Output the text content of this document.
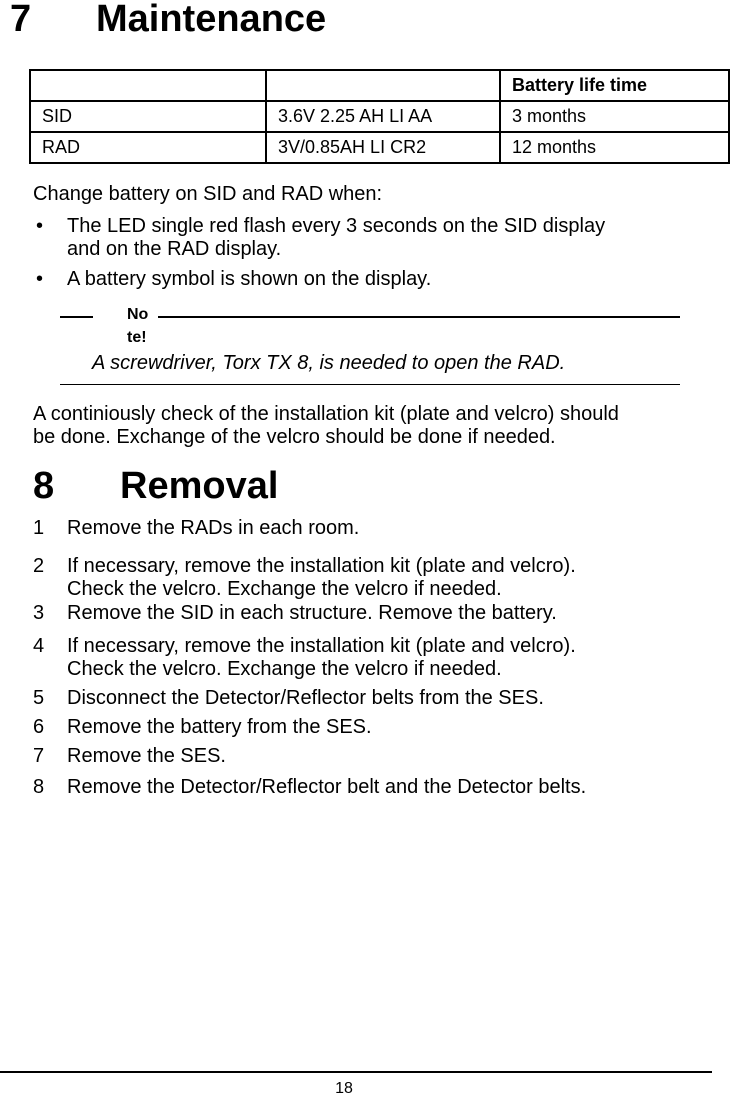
7 Maintenance
		Battery life time
SID	3.6V 2.25 AH LI AA	3 months
RAD	3V/0.85AH LI CR2	12 months
Change battery on SID and RAD when:
• The LED single red flash every 3 seconds on the SID display
and on the RAD display.
• A battery symbol is shown on the display.
No
te!
A screwdriver, Torx TX 8, is needed to open the RAD.
A continiously check of the installation kit (plate and velcro) should
be done. Exchange of the velcro should be done if needed.
8 Removal
1 Remove the RADs in each room.
2 If necessary, remove the installation kit (plate and velcro).
Check the velcro. Exchange the velcro if needed.
3 Remove the SID in each structure. Remove the battery.
4 If necessary, remove the installation kit (plate and velcro).
Check the velcro. Exchange the velcro if needed.
5 Disconnect the Detector/Reflector belts from the SES.
6 Remove the battery from the SES.
7 Remove the SES.
8 Remove the Detector/Reflector belt and the Detector belts.
18
